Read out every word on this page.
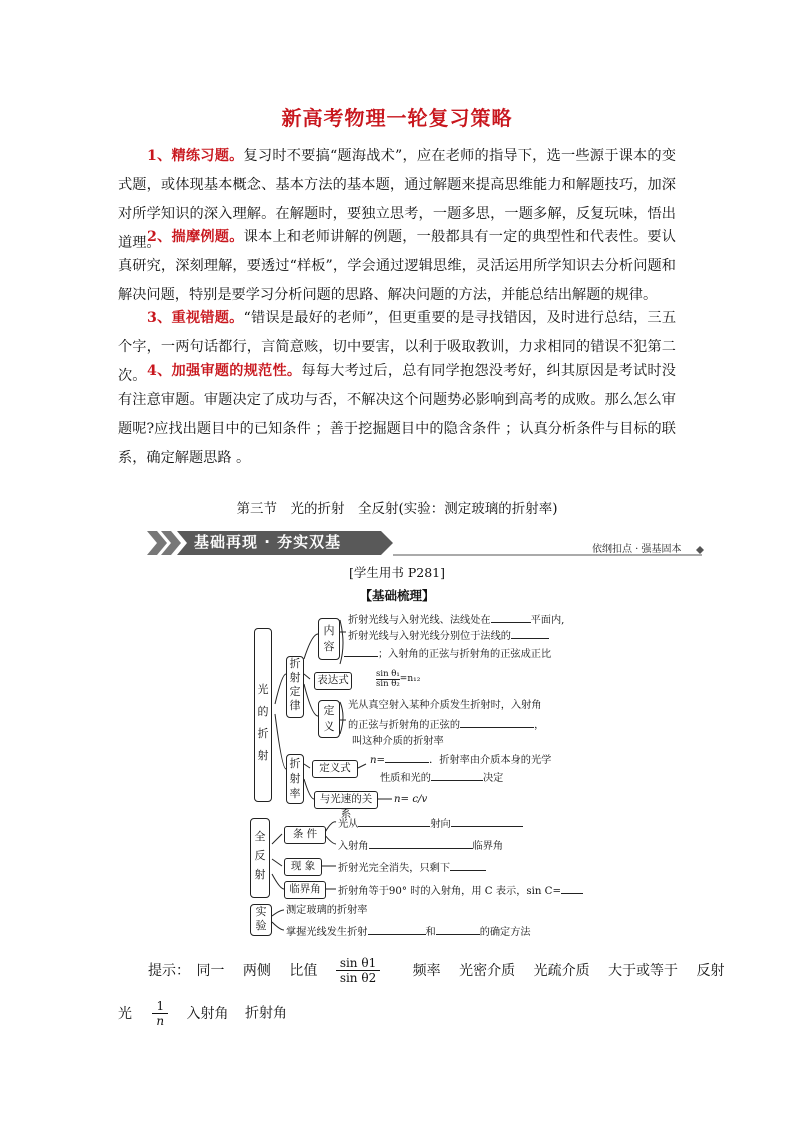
新高考物理一轮复习策略
1、精练习题。复习时不要搞“题海战术”，应在老师的指导下，选一些源于课本的变式题，或体现基本概念、基本方法的基本题，通过解题来提高思维能力和解题技巧，加深对所学知识的深入理解。在解题时，要独立思考，一题多思，一题多解，反复玩味，悟出道理。
2、揣摩例题。课本上和老师讲解的例题，一般都具有一定的典型性和代表性。要认真研究，深刻理解，要透过“样板”，学会通过逻辑思维，灵活运用所学知识去分析问题和解决问题，特别是要学习分析问题的思路、解决问题的方法，并能总结出解题的规律。
3、重视错题。“错误是最好的老师”，但更重要的是寻找错因，及时进行总结，三五个字，一两句话都行，言简意赅，切中要害，以利于吸取教训，力求相同的错误不犯第二次。 4、加强审题的规范性。每每大考过后，总有同学抱怨没考好，纠其原因是考试时没有注意审题。审题决定了成功与否，不解决这个问题势必影响到高考的成败。那么怎么审题呢?应找出题目中的已知条件 ；善于挖掘题目中的隐含条件 ；认真分析条件与目标的联系，确定解题思路 。
第三节　光的折射　全反射(实验：测定玻璃的折射率)
基础再现 · 夯实双基	依纲扣点 · 强基固本
[学生用书 P281]
【基础梳理】
光的折射
折射定律
内容
折射光线与入射光线、法线处在	平面内,
折射光线与入射光线分别位于法线的
；入射角的正弦与折射角的正弦成正比
表达式	$\frac{\text{sin θ₁}}{\text{sin θ₂}} =n_{12}$
定义
光从真空射入某种介质发生折射时，入射角
的正弦与折射角的正弦的	，
叫这种介质的折射率
折射率
定义式
n=	．折射率由介质本身的光学
性质和光的	决定
与光速的关系
n= c/v
全反射
条 件
光从	射向
入射角	临界角
现 象	折射光完全消失，只剩下
临界角	折射角等于90° 时的入射角，用 C 表示，sin C=
实验
测定玻璃的折射率
掌握光线发生折射	和	的确定方法
提示： 同一 两侧 比值 $\frac{\text{sin θ1}}{\text{sin θ2}}$ 频率 光密介质 光疏介质 大于或等于 反射
光 $\frac{1}{n}$ 入射角 折射角
